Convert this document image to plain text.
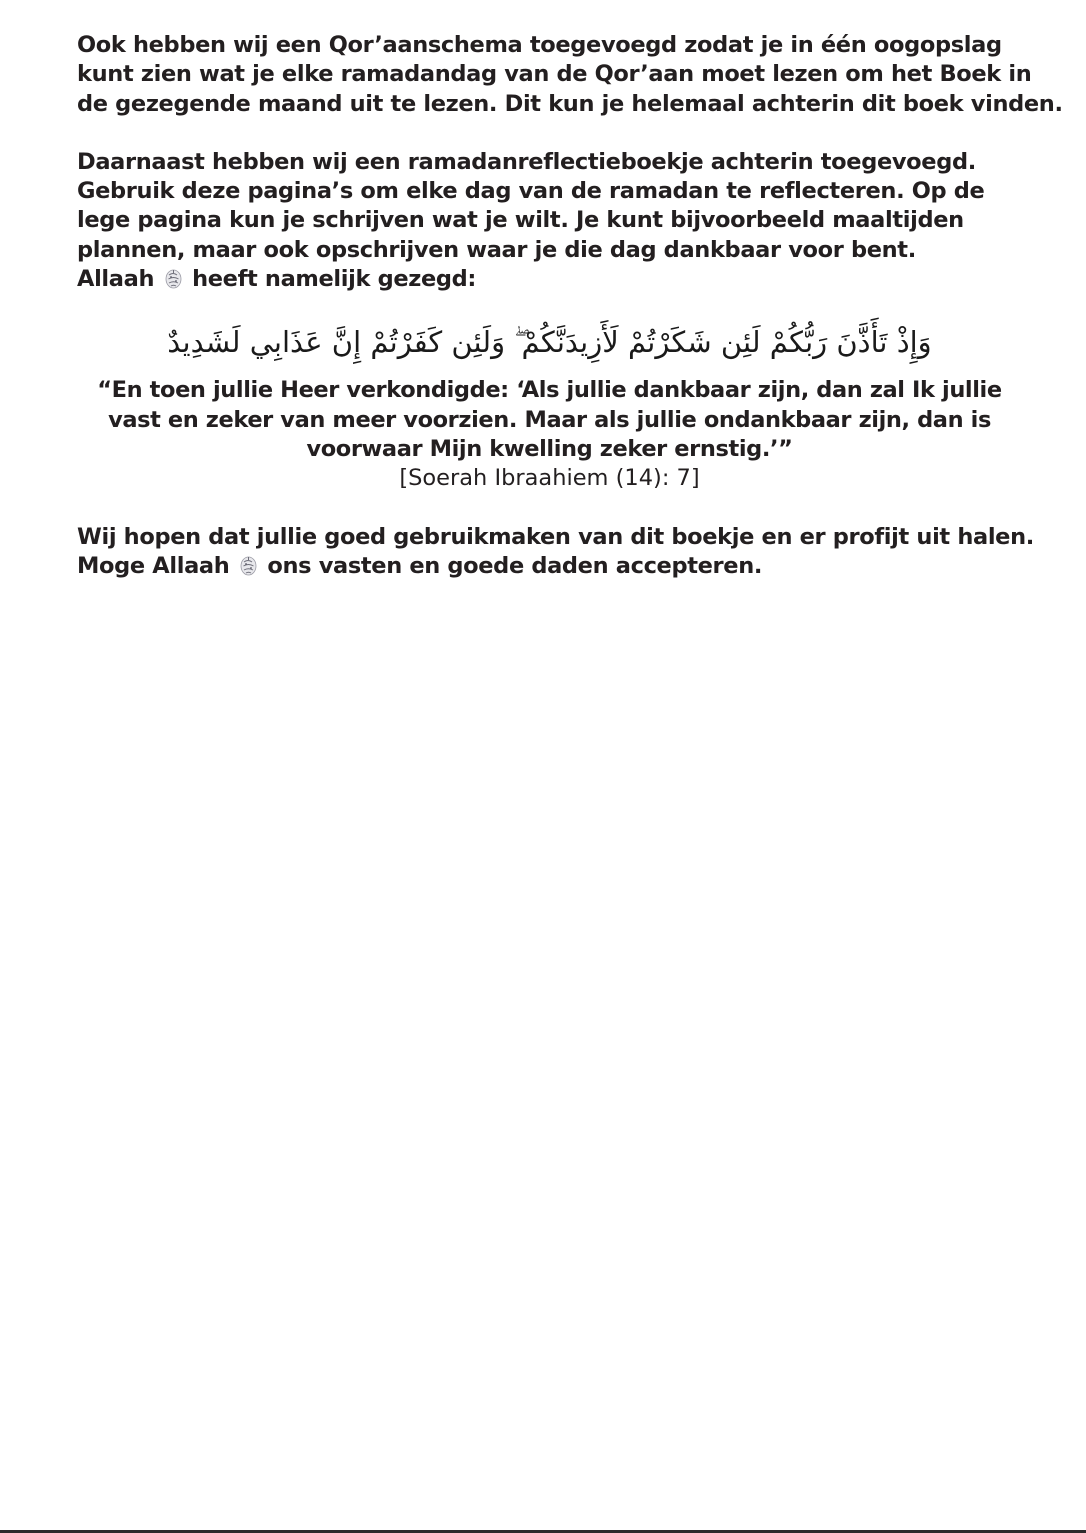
Ook hebben wij een Qor’aanschema toegevoegd zodat je in één oogopslag
kunt zien wat je elke ramadandag van de Qor’aan moet lezen om het Boek in
de gezegende maand uit te lezen. Dit kun je helemaal achterin dit boek vinden.

Daarnaast hebben wij een ramadanreflectieboekje achterin toegevoegd.
Gebruik deze pagina’s om elke dag van de ramadan te reflecteren. Op de
lege pagina kun je schrijven wat je wilt. Je kunt bijvoorbeeld maaltijden
plannen, maar ook opschrijven waar je die dag dankbaar voor bent.
Allaah heeft namelijk gezegd:

وَإِذْ تَأَذَّنَ رَبُّكُمْ لَئِن شَكَرْتُمْ لَأَزِيدَنَّكُمْ ۖ وَلَئِن كَفَرْتُمْ إِنَّ عَذَابِي لَشَدِيدٌ

“En toen jullie Heer verkondigde: ‘Als jullie dankbaar zijn, dan zal Ik jullie
vast en zeker van meer voorzien. Maar als jullie ondankbaar zijn, dan is
voorwaar Mijn kwelling zeker ernstig.’”
[Soerah Ibraahiem (14): 7]

Wij hopen dat jullie goed gebruikmaken van dit boekje en er profijt uit halen.
Moge Allaah ons vasten en goede daden accepteren.
